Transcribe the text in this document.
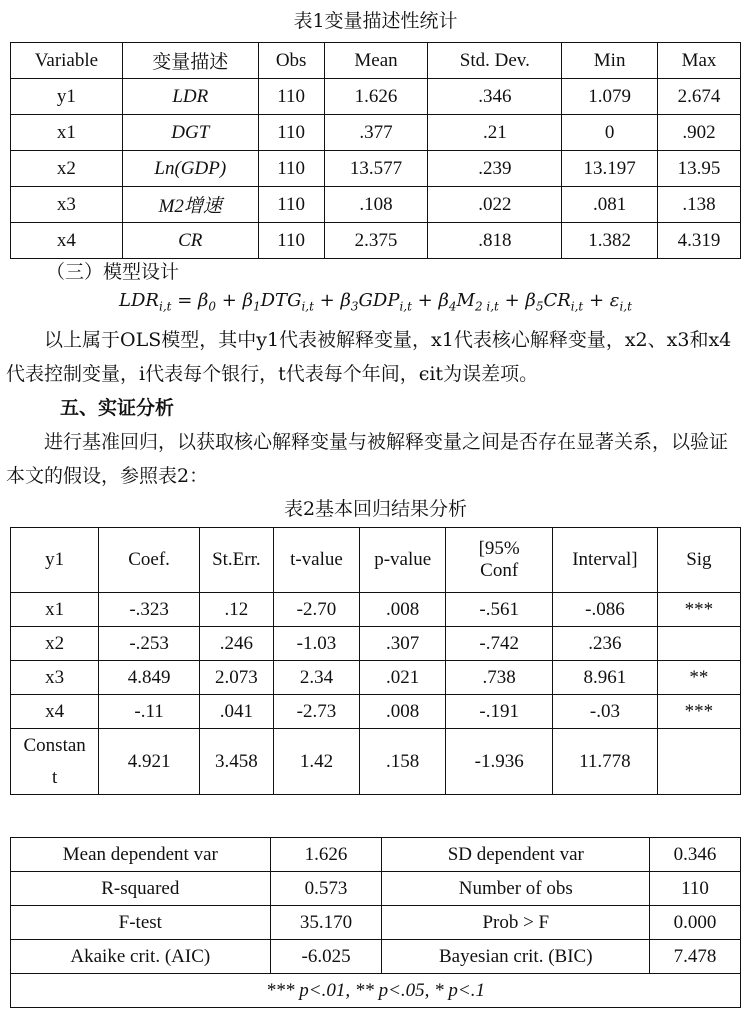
表1变量描述性统计
Variable	变量描述	Obs	Mean	Std. Dev.	Min	Max
y1	LDR	110	1.626	.346	1.079	2.674
x1	DGT	110	.377	.21	0	.902
x2	Ln(GDP)	110	13.577	.239	13.197	13.95
x3	M2增速	110	.108	.022	.081	.138
x4	CR	110	2.375	.818	1.382	4.319
（三）模型设计
$LDR_{i,t} = \beta_0 + \beta_1DTG_{i,t} + \beta_3GDP_{i,t} + \beta_4M_{2 i,t} + \beta_5CR_{i,t} + \varepsilon_{i,t}$
以上属于OLS模型，其中y1代表被解释变量，x1代表核心解释变量，x2、x3和x4代表控制变量，i代表每个银行，t代表每个年间，ϵit为误差项。
五、实证分析
进行基准回归，以获取核心解释变量与被解释变量之间是否存在显著关系，以验证本文的假设，参照表2：
表2基本回归结果分析
y1	Coef.	St.Err.	t-value	p-value	[95% Conf	Interval]	Sig
x1	-.323	.12	-2.70	.008	-.561	-.086	***
x2	-.253	.246	-1.03	.307	-.742	.236	
x3	4.849	2.073	2.34	.021	.738	8.961	**
x4	-.11	.041	-2.73	.008	-.191	-.03	***
Constant	4.921	3.458	1.42	.158	-1.936	11.778	
Mean dependent var	1.626	SD dependent var	0.346
R-squared	0.573	Number of obs	110
F-test	35.170	Prob > F	0.000
Akaike crit. (AIC)	-6.025	Bayesian crit. (BIC)	7.478
*** p<.01, ** p<.05, * p<.1			
